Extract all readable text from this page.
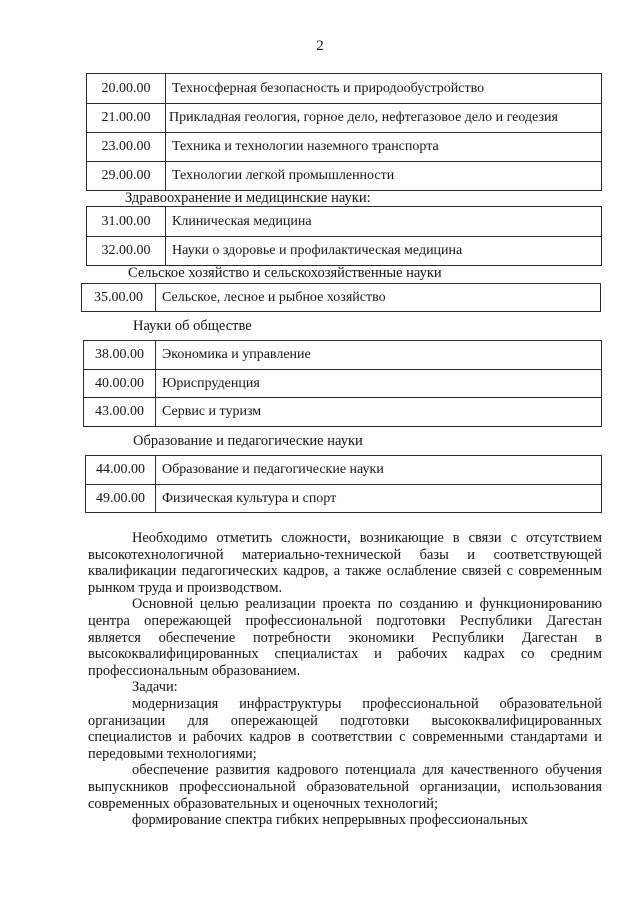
2
20.00.00	Техносферная безопасность и природообустройство
21.00.00	Прикладная геология, горное дело, нефтегазовое дело и геодезия
23.00.00	Техника и технологии наземного транспорта
29.00.00	Технологии легкой промышленности
Здравоохранение и медицинские науки:
31.00.00	Клиническая медицина
32.00.00	Науки о здоровье и профилактическая медицина
Сельское хозяйство и сельскохозяйственные науки
35.00.00	Сельское, лесное и рыбное хозяйство
Науки об обществе
38.00.00	Экономика и управление
40.00.00	Юриспруденция
43.00.00	Сервис и туризм
Образование и педагогические науки
44.00.00	Образование и педагогические науки
49.00.00	Физическая культура и спорт

Необходимо отметить сложности, возникающие в связи с отсутствием высокотехнологичной материально-технической базы и соответствующей квалификации педагогических кадров, а также ослабление связей с современным рынком труда и производством.

Основной целью реализации проекта по созданию и функционированию центра опережающей профессиональной подготовки Республики Дагестан является обеспечение потребности экономики Республики Дагестан в высококвалифицированных специалистах и рабочих кадрах со средним профессиональным образованием.

Задачи:

модернизация инфраструктуры профессиональной образовательной организации для опережающей подготовки высококвалифицированных специалистов и рабочих кадров в соответствии с современными стандартами и передовыми технологиями;

обеспечение развития кадрового потенциала для качественного обучения выпускников профессиональной образовательной организации, использования современных образовательных и оценочных технологий;

формирование спектра гибких непрерывных профессиональных
